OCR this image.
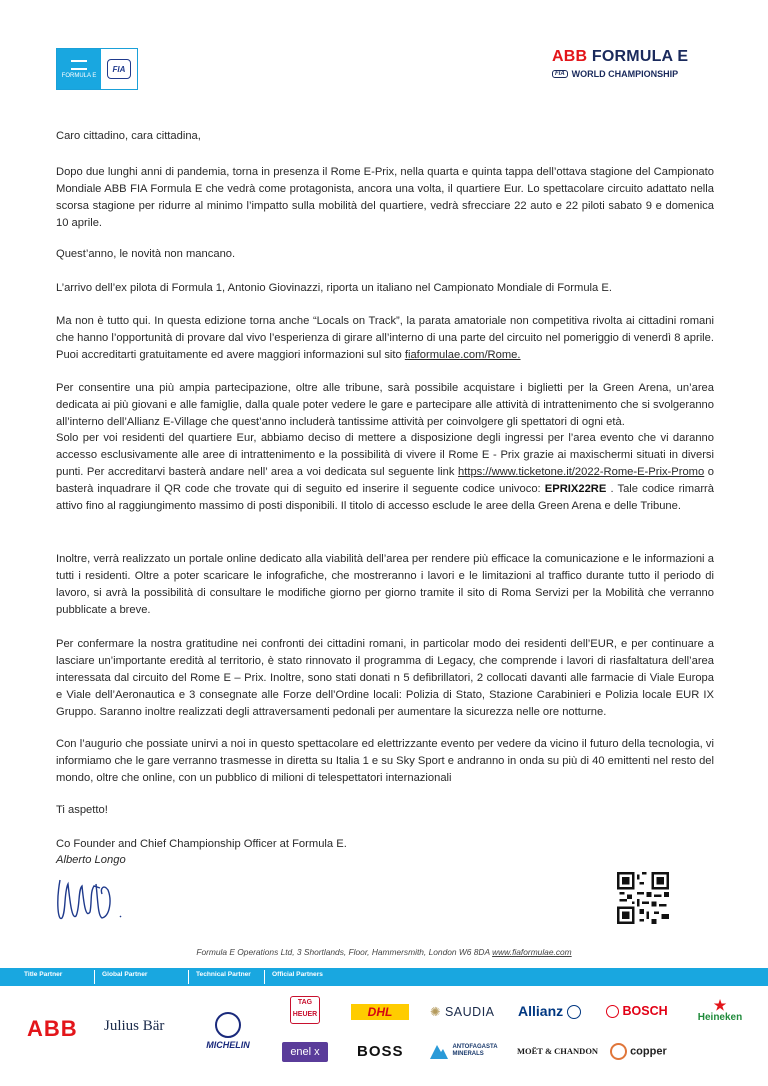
FORMULA E
FIA
ABB FORMULA E
FIA WORLD CHAMPIONSHIP
Caro cittadino, cara cittadina,
Dopo due lunghi anni di pandemia, torna in presenza il Rome E-Prix, nella quarta e quinta tappa dell’ottava stagione del Campionato Mondiale ABB FIA Formula E che vedrà come protagonista, ancora una volta, il quartiere Eur. Lo spettacolare circuito adattato nella scorsa stagione per ridurre al minimo l’impatto sulla mobilità del quartiere, vedrà sfrecciare 22 auto e 22 piloti sabato 9 e domenica 10 aprile.
Quest’anno, le novità non mancano.
L’arrivo dell’ex pilota di Formula 1, Antonio Giovinazzi, riporta un italiano nel Campionato Mondiale di Formula E.
Ma non è tutto qui. In questa edizione torna anche “Locals on Track”, la parata amatoriale non competitiva rivolta ai cittadini romani che hanno l’opportunità di provare dal vivo l’esperienza di girare all’interno di una parte del circuito nel pomeriggio di venerdì 8 aprile. Puoi accreditarti gratuitamente ed avere maggiori informazioni sul sito fiaformulae.com/Rome.
Per consentire una più ampia partecipazione, oltre alle tribune, sarà possibile acquistare i biglietti per la Green Arena, un’area dedicata ai più giovani e alle famiglie, dalla quale poter vedere le gare e partecipare alle attività di intrattenimento che si svolgeranno all’interno dell’Allianz E-Village che quest’anno includerà tantissime attività per coinvolgere gli spettatori di ogni età.
Solo per voi residenti del quartiere Eur, abbiamo deciso di mettere a disposizione degli ingressi per l’area evento che vi daranno accesso esclusivamente alle aree di intrattenimento e la possibilità di vivere il Rome E - Prix grazie ai maxischermi situati in diversi punti. Per accreditarvi basterà andare nell’ area a voi dedicata sul seguente link https://www.ticketone.it/2022-Rome-E-Prix-Promo o basterà inquadrare il QR code che trovate qui di seguito ed inserire il seguente codice univoco: EPRIX22RE . Tale codice rimarrà attivo fino al raggiungimento massimo di posti disponibili. Il titolo di accesso esclude le aree della Green Arena e delle Tribune.
Inoltre, verrà realizzato un portale online dedicato alla viabilità dell’area per rendere più efficace la comunicazione e le informazioni a tutti i residenti. Oltre a poter scaricare le infografiche, che mostreranno i lavori e le limitazioni al traffico durante tutto il periodo di lavoro, si avrà la possibilità di consultare le modifiche giorno per giorno tramite il sito di Roma Servizi per la Mobilità che verranno pubblicate a breve.
Per confermare la nostra gratitudine nei confronti dei cittadini romani, in particolar modo dei residenti dell’EUR, e per continuare a lasciare un’importante eredità al territorio, è stato rinnovato il programma di Legacy, che comprende i lavori di riasfaltatura dell’area interessata dal circuito del Rome E – Prix. Inoltre, sono stati donati n 5 defibrillatori, 2 collocati davanti alle farmacie di Viale Europa e Viale dell’Aeronautica e 3 consegnate alle Forze dell’Ordine locali: Polizia di Stato, Stazione Carabinieri e Polizia locale EUR IX Gruppo. Saranno inoltre realizzati degli attraversamenti pedonali per aumentare la sicurezza nelle ore notturne.
Con l’augurio che possiate unirvi a noi in questo spettacolare ed elettrizzante evento per vedere da vicino il futuro della tecnologia, vi informiamo che le gare verranno trasmesse in diretta su Italia 1 e su Sky Sport e andranno in onda su più di 40 emittenti nel resto del mondo, oltre che online, con un pubblico di milioni di telespettatori internazionali
Ti aspetto!
Co Founder and Chief Championship Officer at Formula E.
Alberto Longo
Formula E Operations Ltd, 3 Shortlands, Floor, Hammersmith, London W6 8DA www.fiaformulae.com
Title Partner	Global Partner	Technical Partner	Official Partners
ABB Julius Bär
MICHELIN
TAG HEUER	DHL	✺ SAUDIA Allianz	BOSCH	★
Heineken
enel x	BOSS	ANTOFAGASTA MINERALS	MOËT & CHANDON	copper
